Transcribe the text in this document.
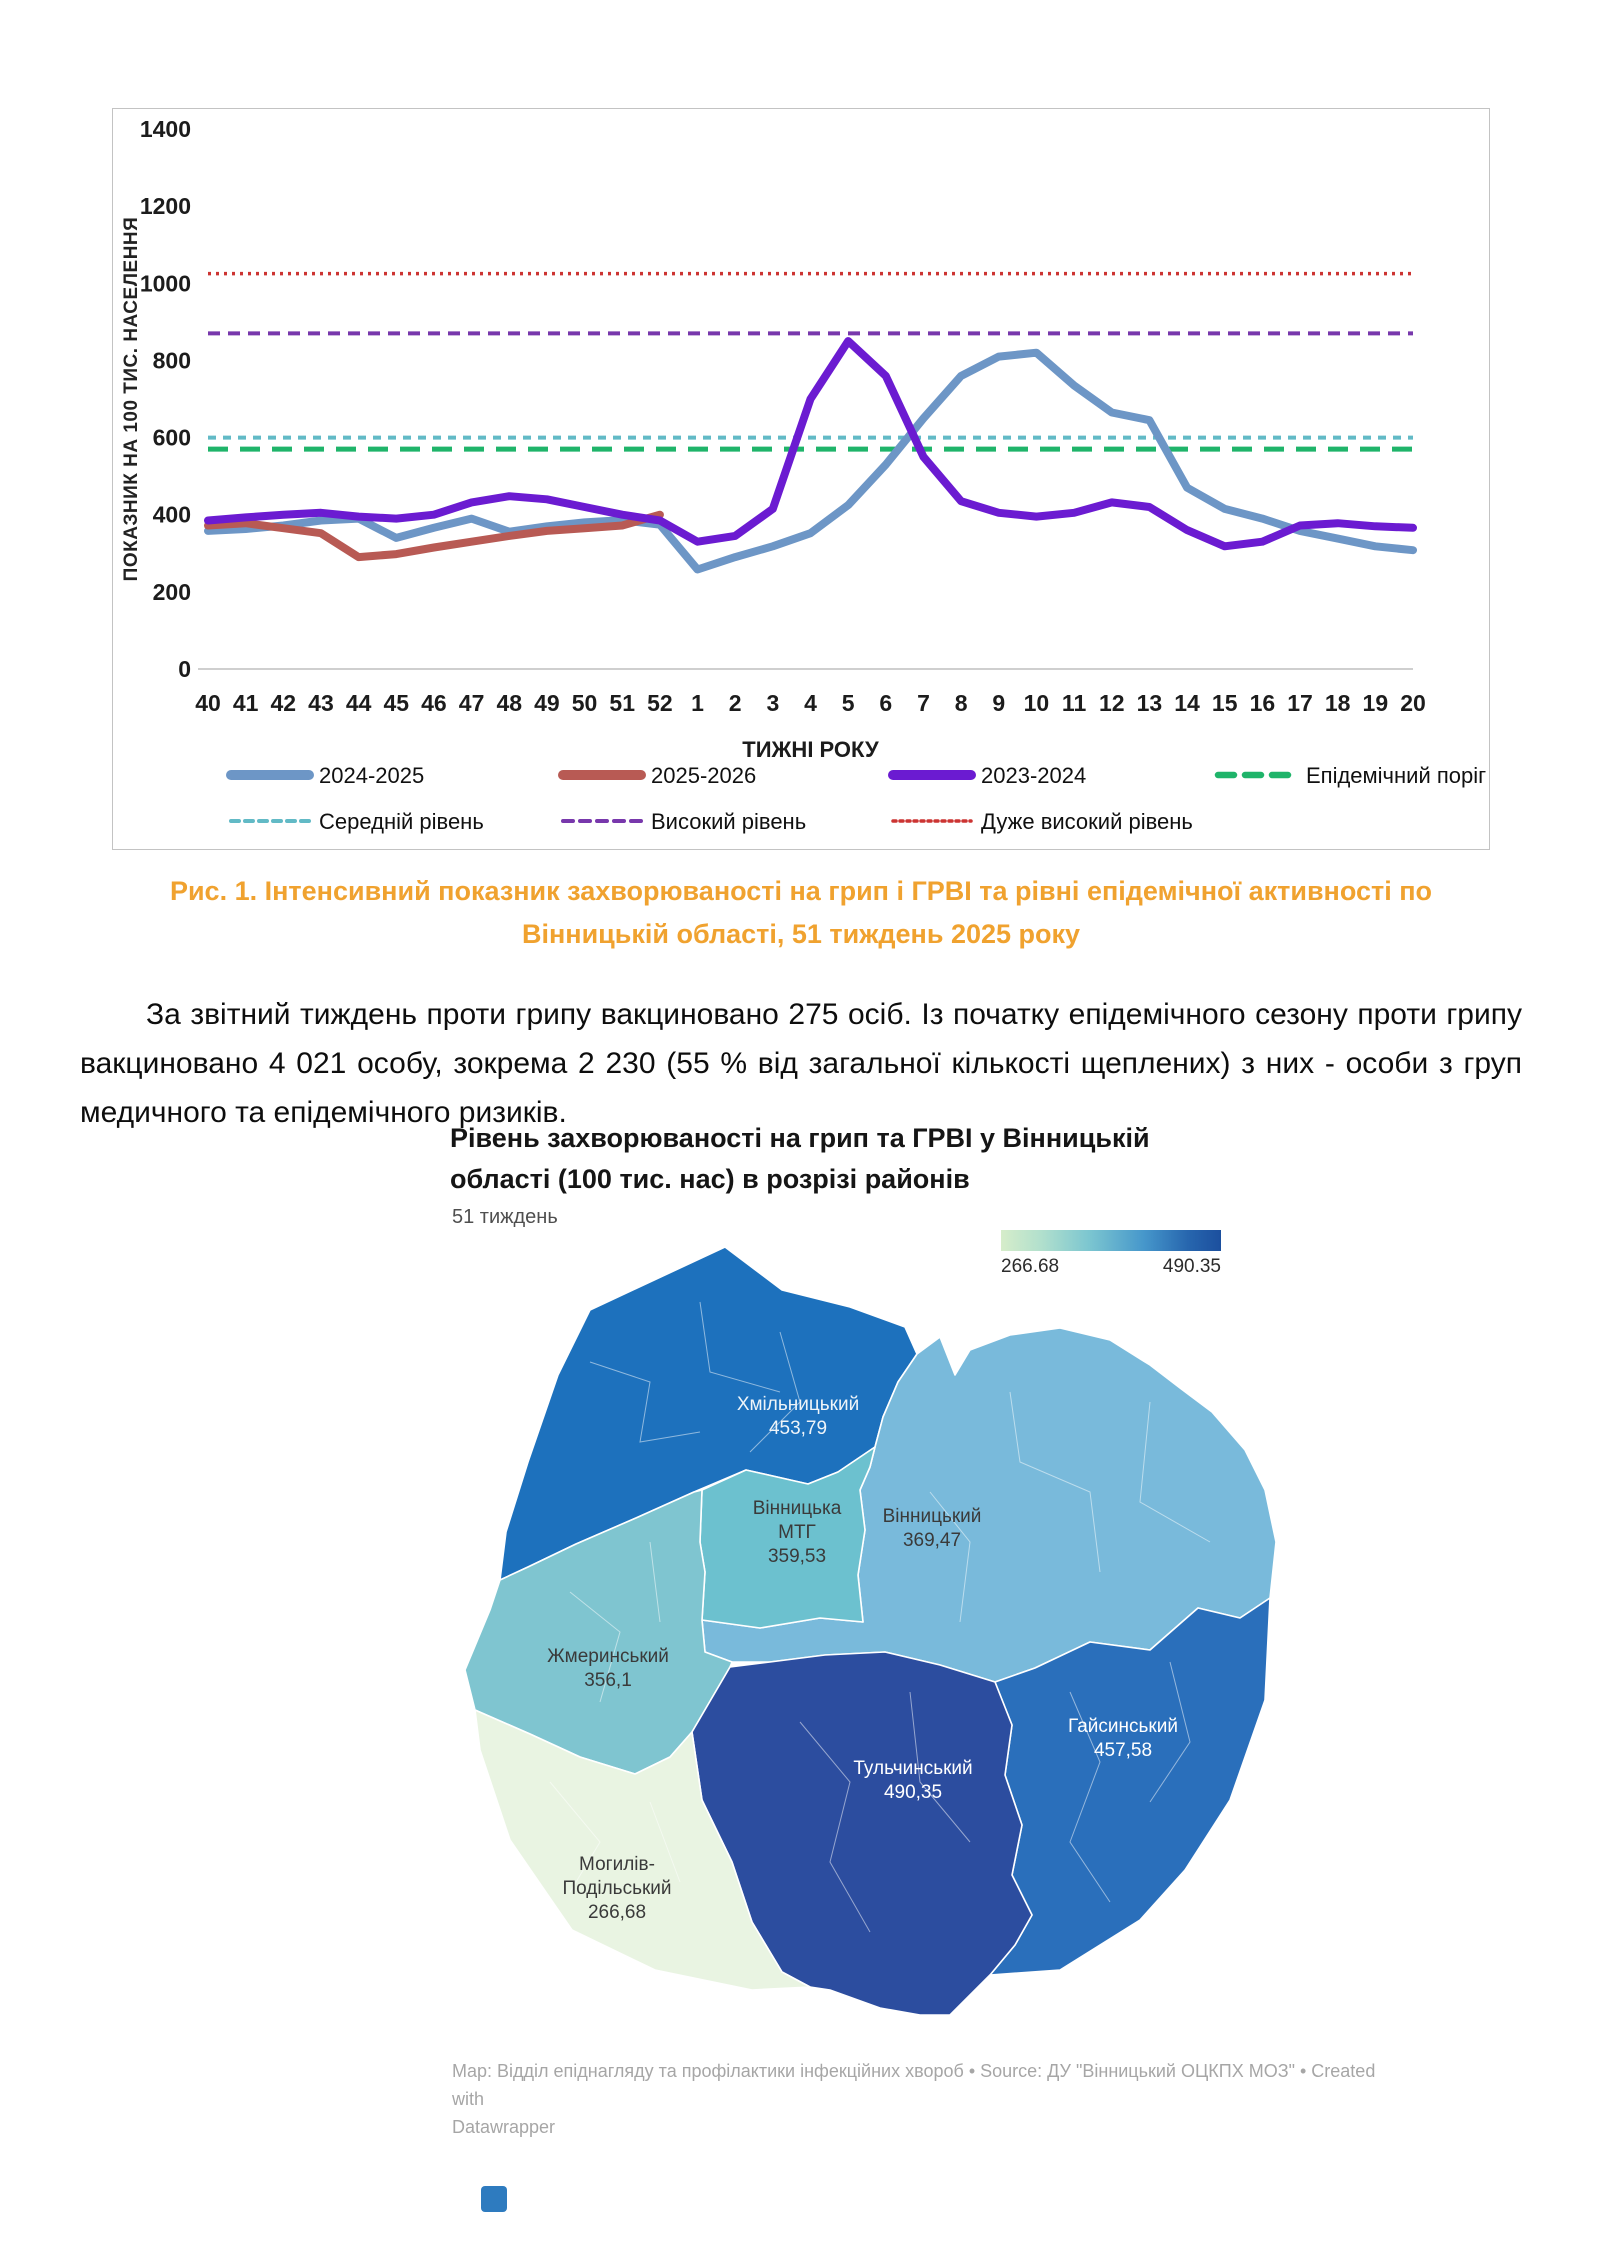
0
200
400
600
800
1000
1200
1400
40 41 42 43 44 45 46 47 48 49 50 51 52 1 2 3 4 5 6 7 8 9 10 11 12 13 14 15 16 17 18 19 20
ПОКАЗНИК НА 100 ТИС. НАСЕЛЕННЯ
ТИЖНІ РОКУ
2024-2025	2025-2026	2023-2024	Епідемічний поріг
Середній рівень	Високий рівень	Дуже високий рівень
Рис. 1. Інтенсивний показник захворюваності на грип і ГРВІ та рівні епідемічної активності по
Вінницькій області, 51 тиждень 2025 року

За звітний тиждень проти грипу вакциновано 275 осіб. Із початку епідемічного сезону проти грипу вакциновано 4 021 особу, зокрема 2 230 (55 % від загальної кількості щеплених) з них - особи з груп медичного та епідемічного ризиків.

Рівень захворюваності на грип та ГРВІ у Вінницькій
області (100 тис. нас) в розрізі районів
51 тиждень
266.68	490.35
Хмільницький
453,79
Вінницький
369,47
Вінницька
МТГ
359,53
Жмеринський
356,1
Гайсинський
457,58
Тульчинський
490,35
Могилів-
Подільський
266,68
Map: Відділ епіднагляду та профілактики інфекційних хвороб • Source: ДУ "Вінницький ОЦКПХ МОЗ" • Created with
Datawrapper
